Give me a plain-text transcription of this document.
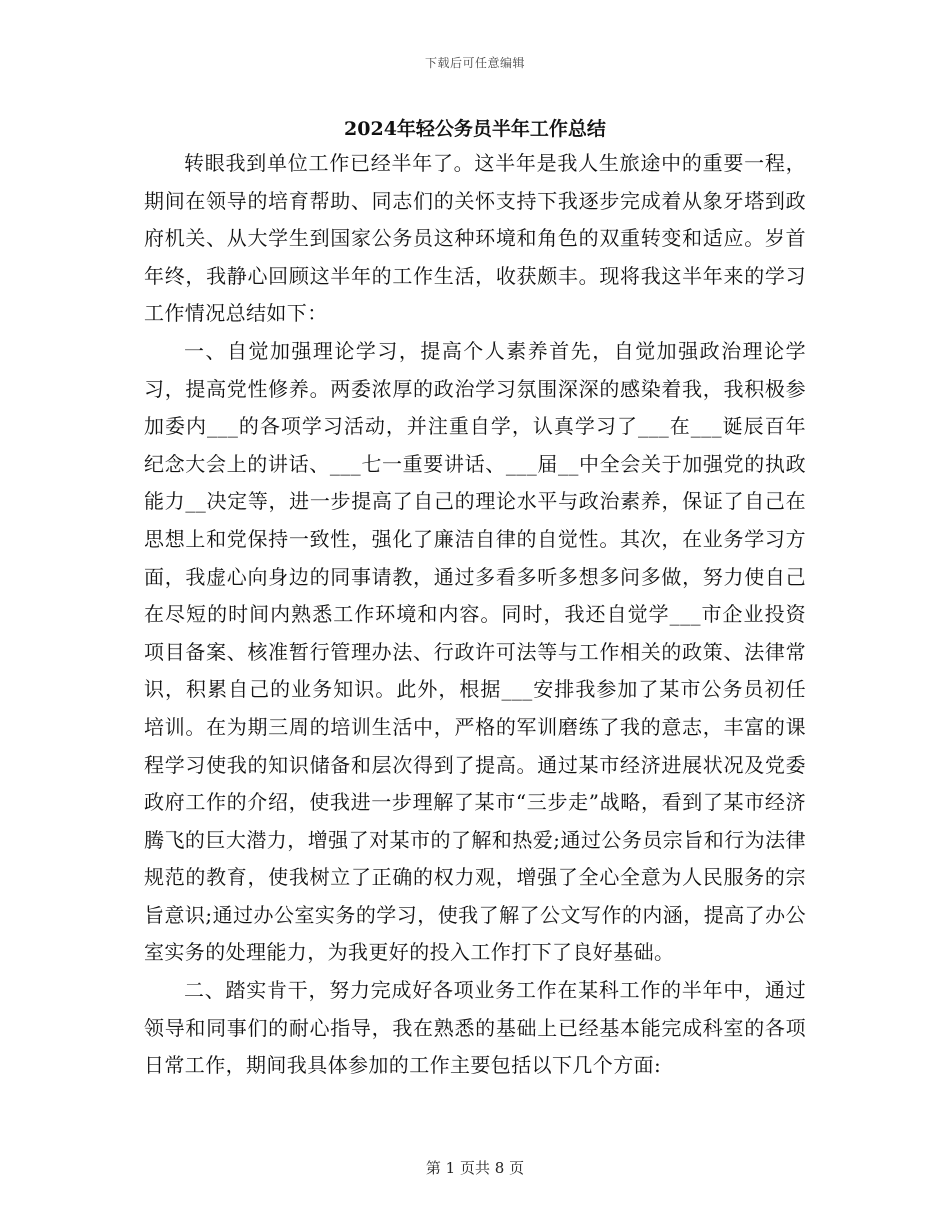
下载后可任意编辑
2024年轻公务员半年工作总结

转眼我到单位工作已经半年了。这半年是我人生旅途中的重要一程，期间在领导的培育帮助、同志们的关怀支持下我逐步完成着从象牙塔到政府机关、从大学生到国家公务员这种环境和角色的双重转变和适应。岁首年终，我静心回顾这半年的工作生活，收获颇丰。现将我这半年来的学习工作情况总结如下：

一、自觉加强理论学习，提高个人素养首先，自觉加强政治理论学习，提高党性修养。两委浓厚的政治学习氛围深深的感染着我，我积极参加委内___的各项学习活动，并注重自学，认真学习了___在___诞辰百年纪念大会上的讲话、___七一重要讲话、___届__中全会关于加强党的执政能力__决定等，进一步提高了自己的理论水平与政治素养，保证了自己在思想上和党保持一致性，强化了廉洁自律的自觉性。其次，在业务学习方面，我虚心向身边的同事请教，通过多看多听多想多问多做，努力使自己在尽短的时间内熟悉工作环境和内容。同时，我还自觉学___市企业投资项目备案、核准暂行管理办法、行政许可法等与工作相关的政策、法律常识，积累自己的业务知识。此外，根据___安排我参加了某市公务员初任培训。在为期三周的培训生活中，严格的军训磨练了我的意志，丰富的课程学习使我的知识储备和层次得到了提高。通过某市经济进展状况及党委政府工作的介绍，使我进一步理解了某市“三步走”战略，看到了某市经济腾飞的巨大潜力，增强了对某市的了解和热爱;通过公务员宗旨和行为法律规范的教育，使我树立了正确的权力观，增强了全心全意为人民服务的宗旨意识;通过办公室实务的学习，使我了解了公文写作的内涵，提高了办公室实务的处理能力，为我更好的投入工作打下了良好基础。

二、踏实肯干，努力完成好各项业务工作在某科工作的半年中，通过领导和同事们的耐心指导，我在熟悉的基础上已经基本能完成科室的各项日常工作，期间我具体参加的工作主要包括以下几个方面:

第 1 页共 8 页
